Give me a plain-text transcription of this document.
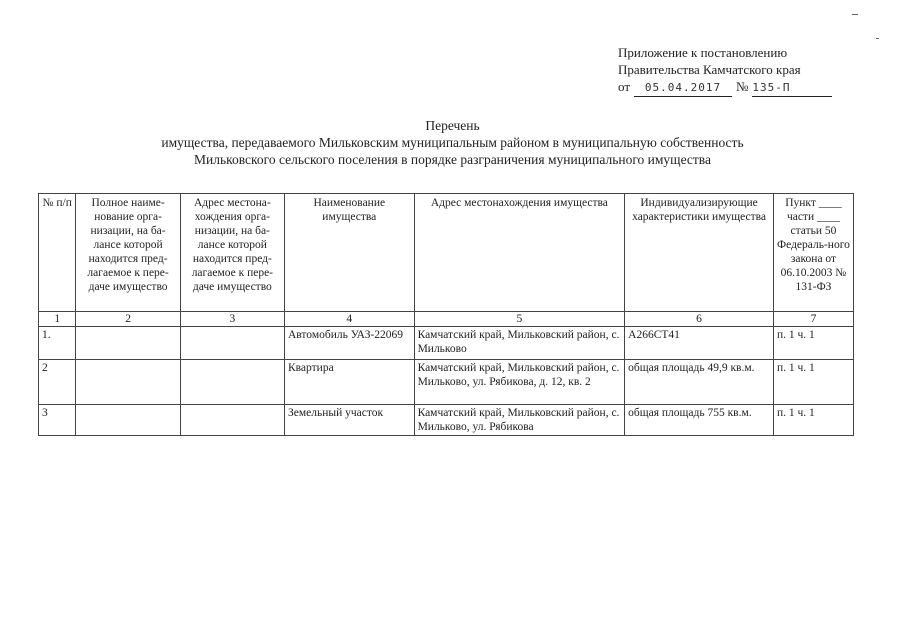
Приложение к постановлению
Правительства Камчатского края
от	05.04.2017	№ 135-П
Перечень
имущества, передаваемого Мильковским муниципальным районом в муниципальную собственность
Мильковского сельского поселения в порядке разграничения муниципального имущества
№ п/п	Полное наиме-нование орга-низации, на ба-лансе которой находится пред-лагаемое к пере-даче имущество	Адрес местона-хождения орга-низации, на ба-лансе которой находится пред-лагаемое к пере-даче имущество	Наименование имущества	Адрес местонахождения имущества	Индивидуализирующие характеристики имущества	Пункт ____ части ____ статьи 50 Федераль-ного закона от 06.10.2003 № 131-ФЗ
1	2	3	4	5	6	7
1.			Автомобиль УАЗ-22069	Камчатский край, Мильковский район, с. Мильково	А266СТ41	п. 1 ч. 1
2			Квартира	Камчатский край, Мильковский район, с. Мильково, ул. Рябикова, д. 12, кв. 2	общая площадь 49,9 кв.м.	п. 1 ч. 1
3			Земельный участок	Камчатский край, Мильковский район, с. Мильково, ул. Рябикова	общая площадь 755 кв.м.	п. 1 ч. 1
